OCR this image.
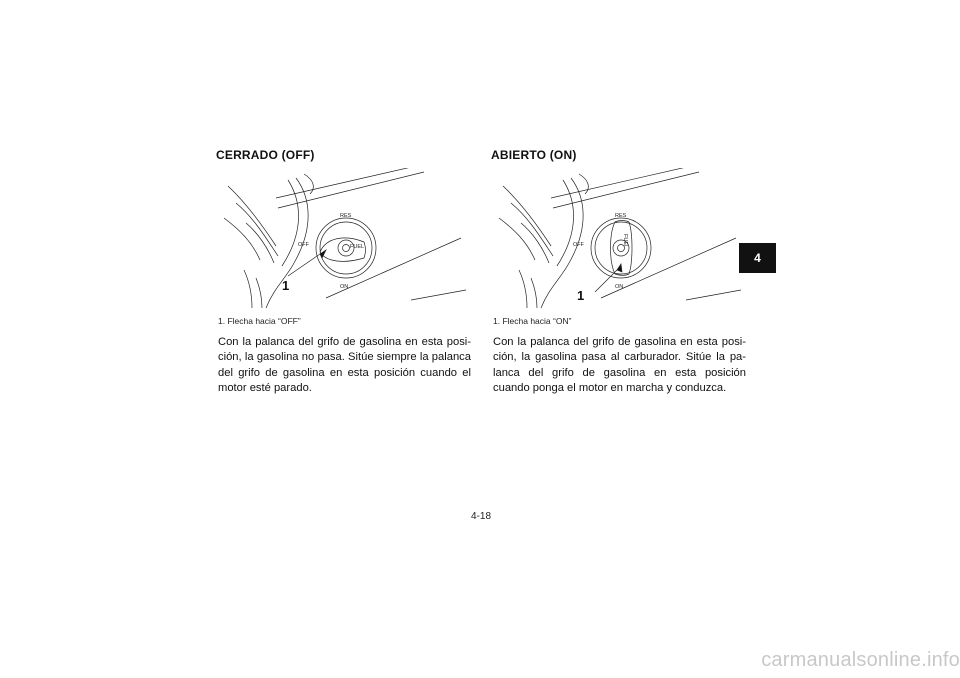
CERRADO (OFF)
RES
OFF
ON
FUEL
1
1. Flecha hacia “OFF”
Con la palanca del grifo de gasolina en esta posi-ción, la gasolina no pasa. Sitúe siempre la palanca del grifo de gasolina en esta posición cuando el motor esté parado.
ABIERTO (ON)
RES
OFF
ON
FUEL
1
1. Flecha hacia “ON”
Con la palanca del grifo de gasolina en esta posi-ción, la gasolina pasa al carburador. Sitúe la pa-lanca del grifo de gasolina en esta posición cuando ponga el motor en marcha y conduzca.
4
4-18
carmanualsonline.info
